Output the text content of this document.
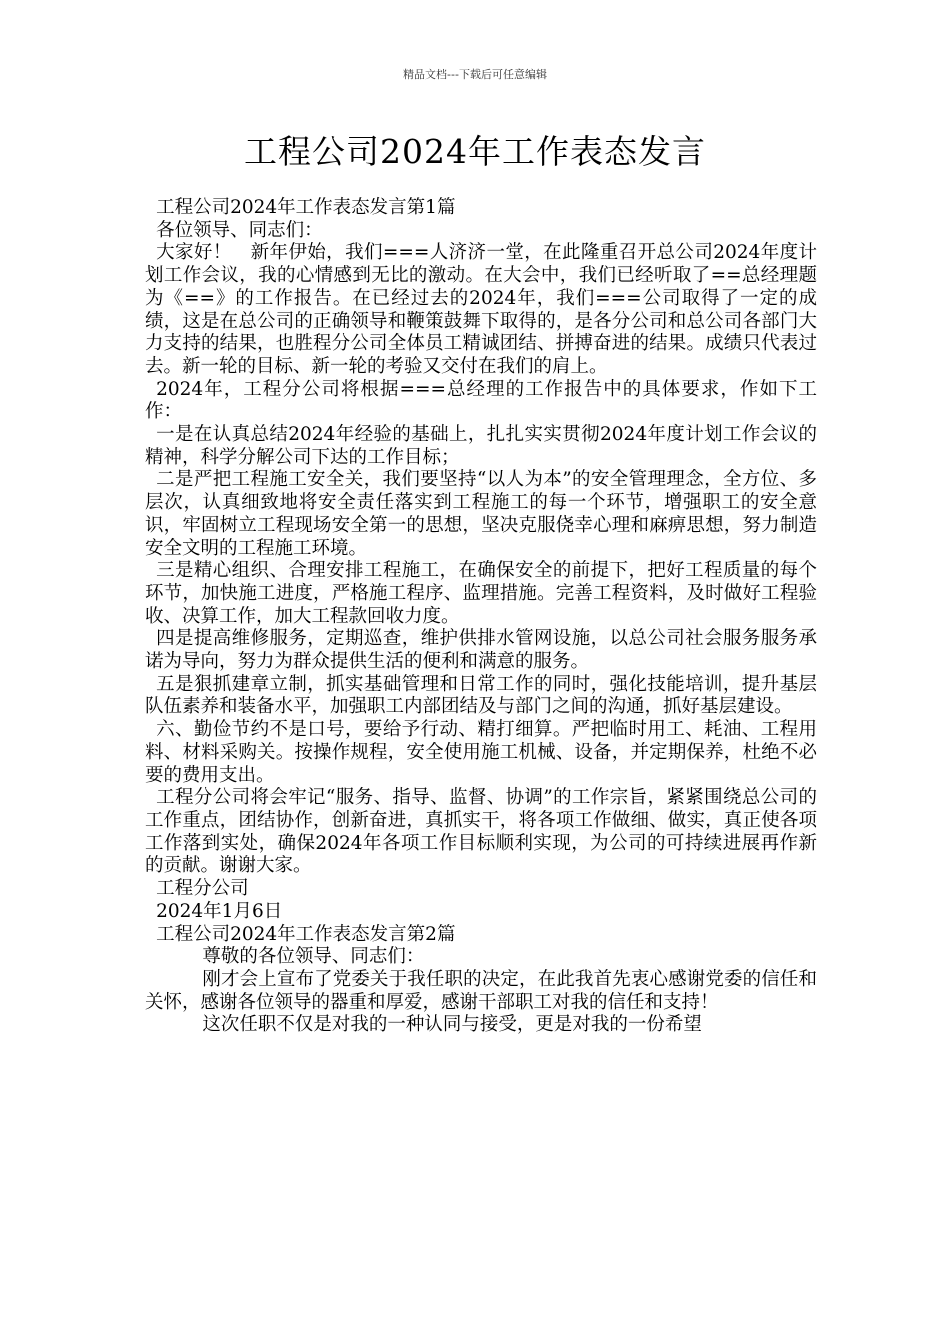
精品文档---下载后可任意编辑
工程公司2024年工作表态发言

工程公司2024年工作表态发言第1篇

各位领导、同志们：

大家好！　新年伊始，我们===人济济一堂，在此隆重召开总公司2024年度计划工作会议，我的心情感到无比的激动。在大会中，我们已经听取了==总经理题为《==》的工作报告。在已经过去的2024年，我们===公司取得了一定的成绩，这是在总公司的正确领导和鞭策鼓舞下取得的，是各分公司和总公司各部门大力支持的结果，也胜程分公司全体员工精诚团结、拼搏奋进的结果。成绩只代表过去。新一轮的目标、新一轮的考验又交付在我们的肩上。

2024年，工程分公司将根据===总经理的工作报告中的具体要求，作如下工作：

一是在认真总结2024年经验的基础上，扎扎实实贯彻2024年度计划工作会议的精神，科学分解公司下达的工作目标；

二是严把工程施工安全关，我们要坚持“以人为本”的安全管理理念，全方位、多层次，认真细致地将安全责任落实到工程施工的每一个环节，增强职工的安全意识，牢固树立工程现场安全第一的思想，坚决克服侥幸心理和麻痹思想，努力制造安全文明的工程施工环境。

三是精心组织、合理安排工程施工，在确保安全的前提下，把好工程质量的每个环节，加快施工进度，严格施工程序、监理措施。完善工程资料，及时做好工程验收、决算工作，加大工程款回收力度。

四是提高维修服务，定期巡查，维护供排水管网设施，以总公司社会服务服务承诺为导向，努力为群众提供生活的便利和满意的服务。

五是狠抓建章立制，抓实基础管理和日常工作的同时，强化技能培训，提升基层队伍素养和装备水平，加强职工内部团结及与部门之间的沟通，抓好基层建设。

六、勤俭节约不是口号，要给予行动、精打细算。严把临时用工、耗油、工程用料、材料采购关。按操作规程，安全使用施工机械、设备，并定期保养，杜绝不必要的费用支出。

工程分公司将会牢记“服务、指导、监督、协调”的工作宗旨，紧紧围绕总公司的工作重点，团结协作，创新奋进，真抓实干，将各项工作做细、做实，真正使各项工作落到实处，确保2024年各项工作目标顺利实现，为公司的可持续进展再作新的贡献。谢谢大家。

工程分公司

2024年1月6日

工程公司2024年工作表态发言第2篇

尊敬的各位领导、同志们：

刚才会上宣布了党委关于我任职的决定，在此我首先衷心感谢党委的信任和关怀，感谢各位领导的器重和厚爱，感谢干部职工对我的信任和支持！

这次任职不仅是对我的一种认同与接受，更是对我的一份希望
